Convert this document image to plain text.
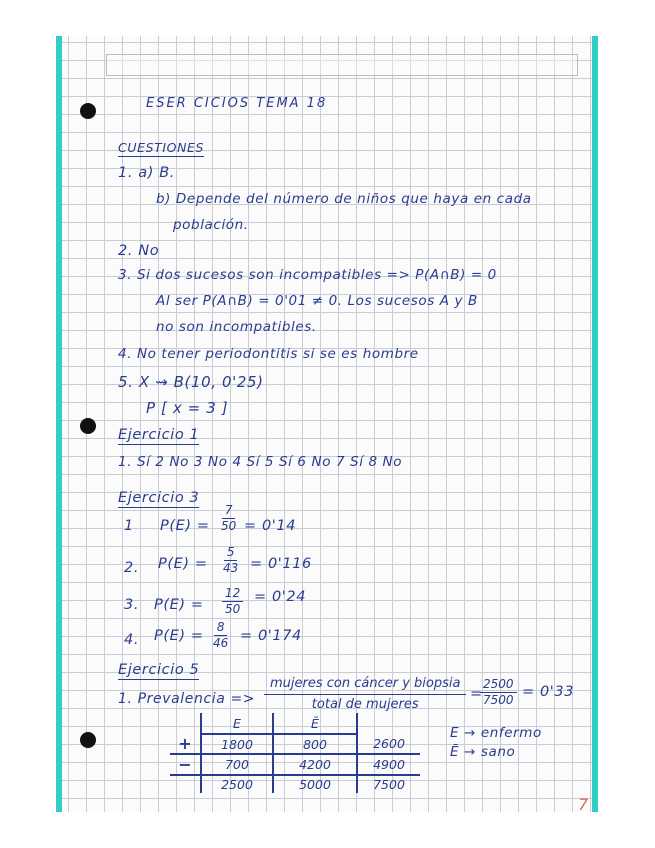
ESER CICIOS TEMA 18
CUESTIONES
1. a) B.
b) Depende del número de niños que haya en cada
población.
2. No
3. Si dos sucesos son incompatibles => P(A∩B) = 0
Al ser P(A∩B) = 0'01 ≠ 0. Los sucesos A y B
no son incompatibles.
4. No tener periodontitis si se es hombre
5. X ⇝ B(10, 0'25)
P [ x = 3 ]
Ejercicio 1
1. Sí 2 No 3 No 4 Sí 5 Sí 6 No 7 Sí 8 No
Ejercicio 3
1 $P(E) = \frac{7}{50} = 0'14$
2. $P(E) = \frac{5}{43} = 0'116$
3. $P(E) = \frac{12}{50} = 0'24$
4. $P(E) = \frac{8}{46} = 0'174$
Ejercicio 5
1. Prevalencia =>
mujeres con cáncer y biopsia
total de mujeres
=
$\frac{2500}{7500} = 0'33$
E → enfermo
Ē → sano
	E	Ē	
+	1800	800	2600
−	700	4200	4900
	2500	5000	7500
7
